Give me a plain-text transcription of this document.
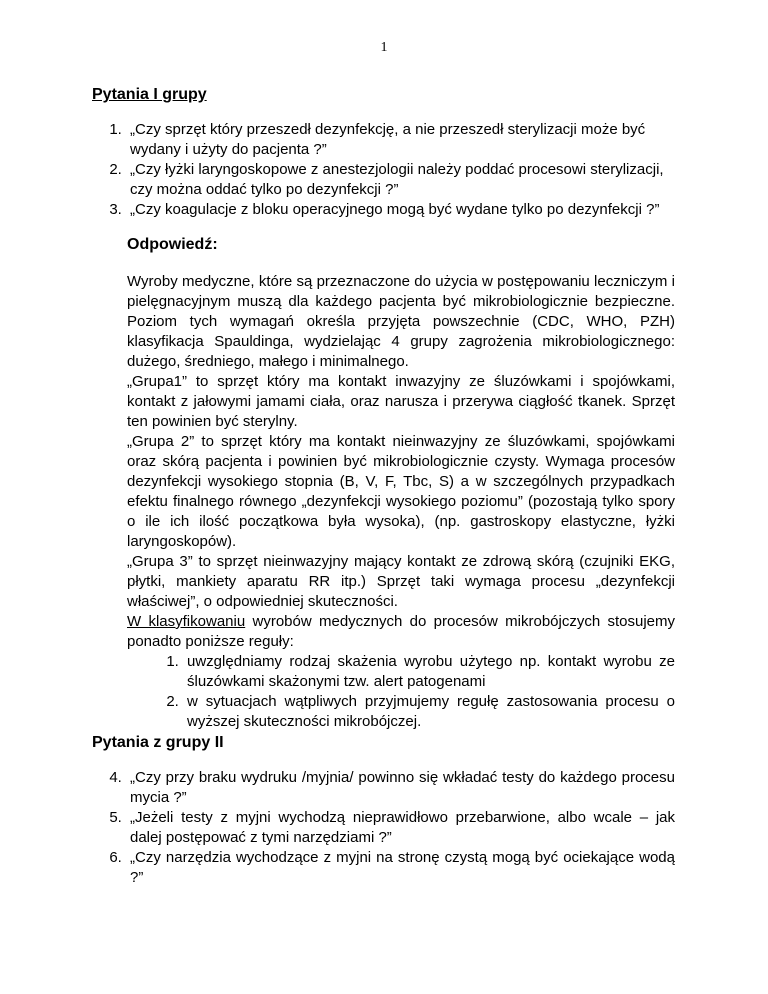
1
Pytania I grupy
1. „Czy sprzęt który przeszedł dezynfekcję, a nie przeszedł sterylizacji może być wydany i użyty do pacjenta ?”
2. „Czy łyżki laryngoskopowe z anestezjologii należy poddać procesowi sterylizacji, czy można oddać tylko po dezynfekcji ?”
3. „Czy koagulacje z bloku operacyjnego mogą być wydane tylko po dezynfekcji ?”
Odpowiedź:

Wyroby medyczne, które są przeznaczone do użycia w postępowaniu leczniczym i pielęgnacyjnym muszą dla każdego pacjenta być mikrobiologicznie bezpieczne. Poziom tych wymagań określa przyjęta powszechnie (CDC, WHO, PZH) klasyfikacja Spauldinga, wydzielając 4 grupy zagrożenia mikrobiologicznego: dużego, średniego, małego i minimalnego.

„Grupa1” to sprzęt który ma kontakt inwazyjny ze śluzówkami i spojówkami, kontakt z jałowymi jamami ciała, oraz narusza i przerywa ciągłość tkanek. Sprzęt ten powinien być sterylny.

„Grupa 2” to sprzęt który ma kontakt nieinwazyjny ze śluzówkami, spojówkami oraz skórą pacjenta i powinien być mikrobiologicznie czysty. Wymaga procesów dezynfekcji wysokiego stopnia (B, V, F, Tbc, S) a w szczególnych przypadkach efektu finalnego równego „dezynfekcji wysokiego poziomu” (pozostają tylko spory o ile ich ilość początkowa była wysoka), (np. gastroskopy elastyczne, łyżki laryngoskopów).

„Grupa 3” to sprzęt nieinwazyjny mający kontakt ze zdrową skórą (czujniki EKG, płytki, mankiety aparatu RR itp.) Sprzęt taki wymaga procesu „dezynfekcji właściwej”, o odpowiedniej skuteczności.

W klasyfikowaniu wyrobów medycznych do procesów mikrobójczych stosujemy ponadto poniższe reguły:

1. uwzględniamy rodzaj skażenia wyrobu użytego np. kontakt wyrobu ze śluzówkami skażonymi tzw. alert patogenami
2. w sytuacjach wątpliwych przyjmujemy regułę zastosowania procesu o wyższej skuteczności mikrobójczej.
Pytania z grupy II
4. „Czy przy braku wydruku /myjnia/ powinno się wkładać testy do każdego procesu mycia ?”
5. „Jeżeli testy z myjni wychodzą nieprawidłowo przebarwione, albo wcale – jak dalej postępować z tymi narzędziami ?”
6. „Czy narzędzia wychodzące z myjni na stronę czystą mogą być ociekające wodą ?”
